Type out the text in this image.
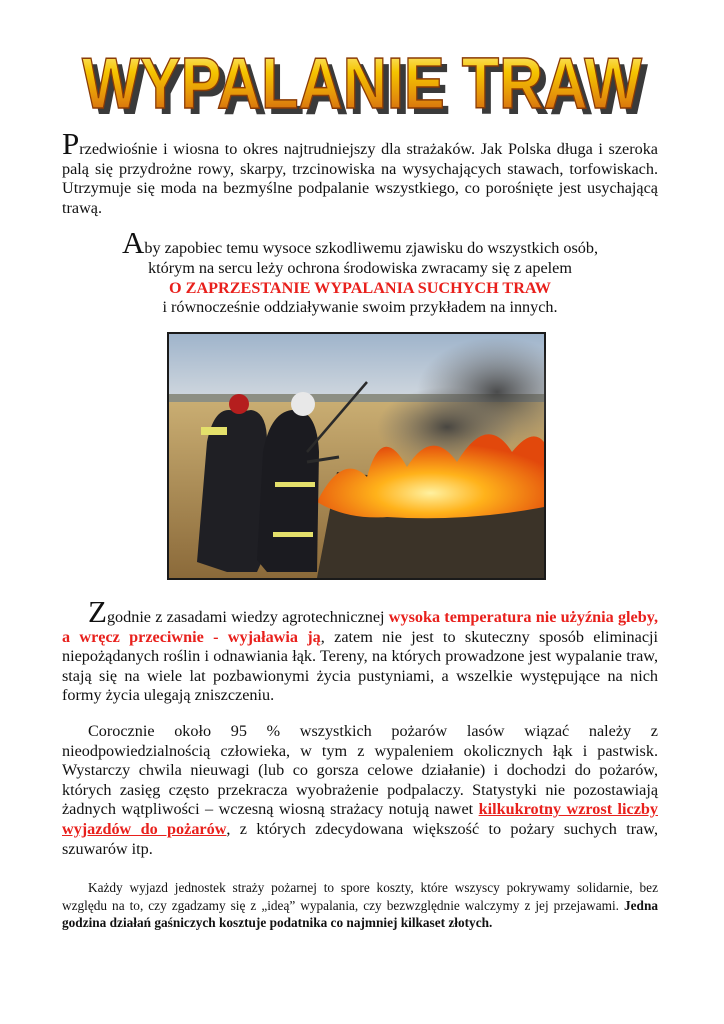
WYPALANIE TRAW
WYPALANIE TRAW

Przedwiośnie i wiosna to okres najtrudniejszy dla strażaków. Jak Polska długa i szeroka palą się przydrożne rowy, skarpy, trzcinowiska na wysychających stawach, torfowiskach. Utrzymuje się moda na bezmyślne podpalanie wszystkiego, co porośnięte jest usychającą trawą.

Aby zapobiec temu wysoce szkodliwemu zjawisku do wszystkich osób,
którym na sercu leży ochrona środowiska zwracamy się z apelem
O ZAPRZESTANIE WYPALANIA SUCHYCH TRAW
i równocześnie oddziaływanie swoim przykładem na innych.

Zgodnie z zasadami wiedzy agrotechnicznej wysoka temperatura nie użyźnia gleby, a wręcz przeciwnie - wyjaławia ją, zatem nie jest to skuteczny sposób eliminacji niepożądanych roślin i odnawiania łąk. Tereny, na których prowadzone jest wypalanie traw, stają się na wiele lat pozbawionymi życia pustyniami, a wszelkie występujące na nich formy życia ulegają zniszczeniu.

Corocznie około 95 % wszystkich pożarów lasów wiązać należy z nieodpowiedzialnością człowieka, w tym z wypaleniem okolicznych łąk i pastwisk. Wystarczy chwila nieuwagi (lub co gorsza celowe działanie) i dochodzi do pożarów, których zasięg często przekracza wyobrażenie podpalaczy. Statystyki nie pozostawiają żadnych wątpliwości – wczesną wiosną strażacy notują nawet kilkukrotny wzrost liczby wyjazdów do pożarów, z których zdecydowana większość to pożary suchych traw, szuwarów itp.

Każdy wyjazd jednostek straży pożarnej to spore koszty, które wszyscy pokrywamy solidarnie, bez względu na to, czy zgadzamy się z „ideą” wypalania, czy bezwzględnie walczymy z jej przejawami. Jedna godzina działań gaśniczych kosztuje podatnika co najmniej kilkaset złotych.
